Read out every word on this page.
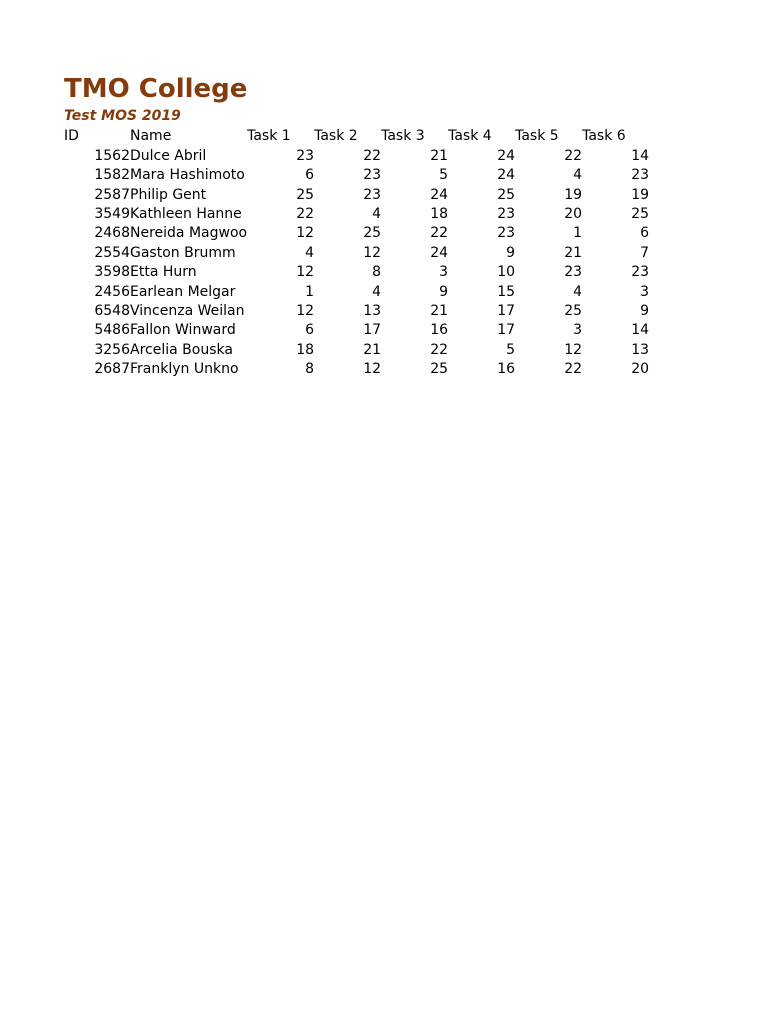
TMO College
Test MOS 2019
ID	Name	Task 1	Task 2	Task 3	Task 4	Task 5	Task 6
1562	Dulce Abril	23	22	21	24	22	14
1582	Mara Hashimoto	6	23	5	24	4	23
2587	Philip Gent	25	23	24	25	19	19
3549	Kathleen Hanne	22	4	18	23	20	25
2468	Nereida Magwoo	12	25	22	23	1	6
2554	Gaston Brumm	4	12	24	9	21	7
3598	Etta Hurn	12	8	3	10	23	23
2456	Earlean Melgar	1	4	9	15	4	3
6548	Vincenza Weilan	12	13	21	17	25	9
5486	Fallon Winward	6	17	16	17	3	14
3256	Arcelia Bouska	18	21	22	5	12	13
2687	Franklyn Unkno	8	12	25	16	22	20
